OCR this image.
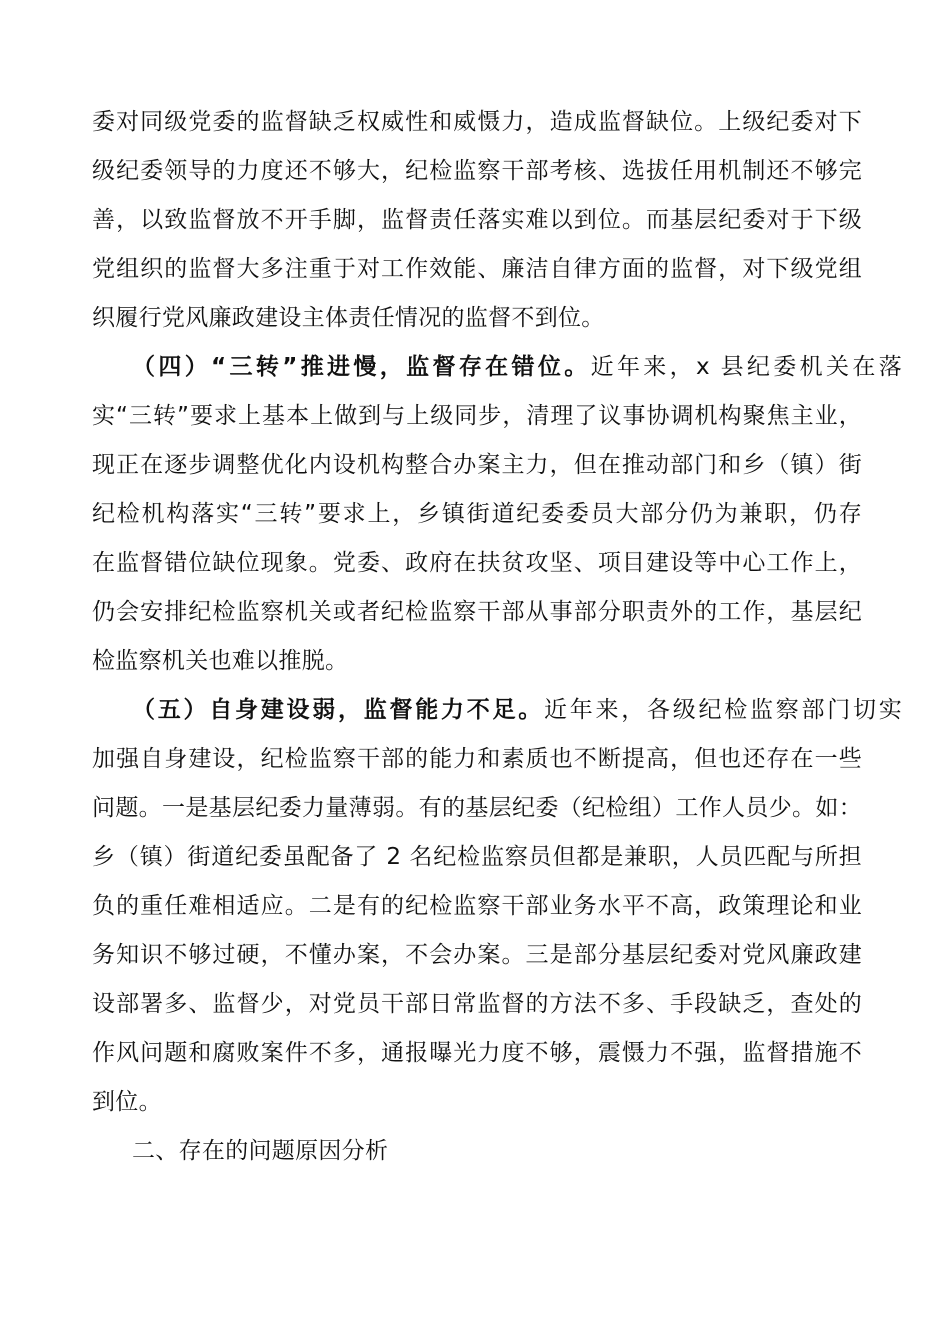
委对同级党委的监督缺乏权威性和威慑力，造成监督缺位。上级纪委对下
级纪委领导的力度还不够大，纪检监察干部考核、选拔任用机制还不够完
善，以致监督放不开手脚，监督责任落实难以到位。而基层纪委对于下级
党组织的监督大多注重于对工作效能、廉洁自律方面的监督，对下级党组
织履行党风廉政建设主体责任情况的监督不到位。
（四）“三转”推进慢，监督存在错位。近年来，x 县纪委机关在落
实“三转”要求上基本上做到与上级同步，清理了议事协调机构聚焦主业，
现正在逐步调整优化内设机构整合办案主力，但在推动部门和乡（镇）街
纪检机构落实“三转”要求上，乡镇街道纪委委员大部分仍为兼职，仍存
在监督错位缺位现象。党委、政府在扶贫攻坚、项目建设等中心工作上，
仍会安排纪检监察机关或者纪检监察干部从事部分职责外的工作，基层纪
检监察机关也难以推脱。
（五）自身建设弱，监督能力不足。近年来，各级纪检监察部门切实
加强自身建设，纪检监察干部的能力和素质也不断提高，但也还存在一些
问题。一是基层纪委力量薄弱。有的基层纪委（纪检组）工作人员少。如：
乡（镇）街道纪委虽配备了 2 名纪检监察员但都是兼职，人员匹配与所担
负的重任难相适应。二是有的纪检监察干部业务水平不高，政策理论和业
务知识不够过硬，不懂办案，不会办案。三是部分基层纪委对党风廉政建
设部署多、监督少，对党员干部日常监督的方法不多、手段缺乏，查处的
作风问题和腐败案件不多，通报曝光力度不够，震慑力不强，监督措施不
到位。
二、存在的问题原因分析
